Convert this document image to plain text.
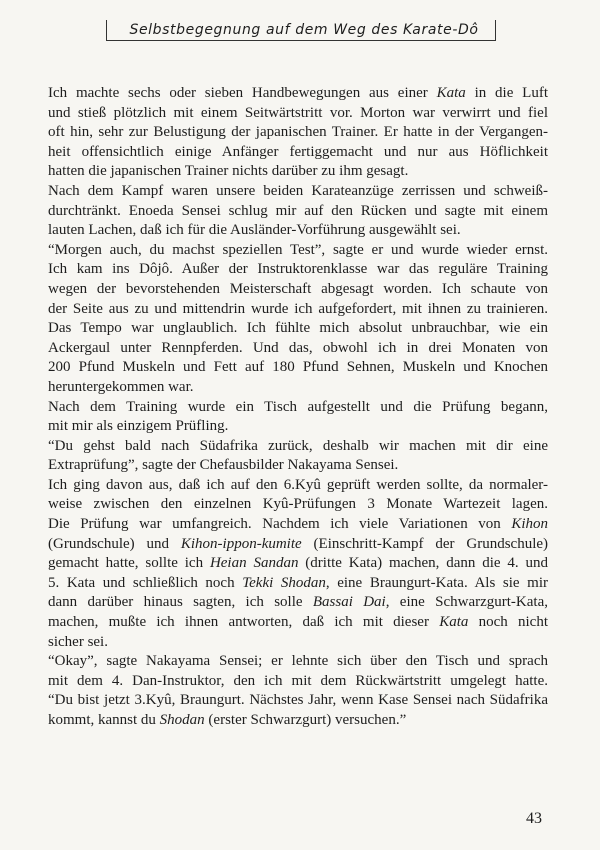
Selbstbegegnung auf dem Weg des Karate-Dô
Ich machte sechs oder sieben Handbewegungen aus einer Kata in die Luft
und stieß plötzlich mit einem Seitwärtstritt vor. Morton war verwirrt und fiel
oft hin, sehr zur Belustigung der japanischen Trainer. Er hatte in der Vergangen-
heit offensichtlich einige Anfänger fertiggemacht und nur aus Höflichkeit
hatten die japanischen Trainer nichts darüber zu ihm gesagt.
Nach dem Kampf waren unsere beiden Karateanzüge zerrissen und schweiß-
durchtränkt. Enoeda Sensei schlug mir auf den Rücken und sagte mit einem
lauten Lachen, daß ich für die Ausländer-Vorführung ausgewählt sei.
“Morgen auch, du machst speziellen Test”, sagte er und wurde wieder ernst.
Ich kam ins Dôjô. Außer der Instruktorenklasse war das reguläre Training
wegen der bevorstehenden Meisterschaft abgesagt worden. Ich schaute von
der Seite aus zu und mittendrin wurde ich aufgefordert, mit ihnen zu trainieren.
Das Tempo war unglaublich. Ich fühlte mich absolut unbrauchbar, wie ein
Ackergaul unter Rennpferden. Und das, obwohl ich in drei Monaten von
200 Pfund Muskeln und Fett auf 180 Pfund Sehnen, Muskeln und Knochen
heruntergekommen war.
Nach dem Training wurde ein Tisch aufgestellt und die Prüfung begann,
mit mir als einzigem Prüfling.
“Du gehst bald nach Südafrika zurück, deshalb wir machen mit dir eine
Extraprüfung”, sagte der Chefausbilder Nakayama Sensei.
Ich ging davon aus, daß ich auf den 6.Kyû geprüft werden sollte, da normaler-
weise zwischen den einzelnen Kyû-Prüfungen 3 Monate Wartezeit lagen.
Die Prüfung war umfangreich. Nachdem ich viele Variationen von Kihon
(Grundschule) und Kihon-ippon-kumite (Einschritt-Kampf der Grundschule)
gemacht hatte, sollte ich Heian Sandan (dritte Kata) machen, dann die 4. und
5. Kata und schließlich noch Tekki Shodan, eine Braungurt-Kata. Als sie mir
dann darüber hinaus sagten, ich solle Bassai Dai, eine Schwarzgurt-Kata,
machen, mußte ich ihnen antworten, daß ich mit dieser Kata noch nicht
sicher sei.
“Okay”, sagte Nakayama Sensei; er lehnte sich über den Tisch und sprach
mit dem 4. Dan-Instruktor, den ich mit dem Rückwärtstritt umgelegt hatte.
“Du bist jetzt 3.Kyû, Braungurt. Nächstes Jahr, wenn Kase Sensei nach Südafrika
kommt, kannst du Shodan (erster Schwarzgurt) versuchen.”
43
